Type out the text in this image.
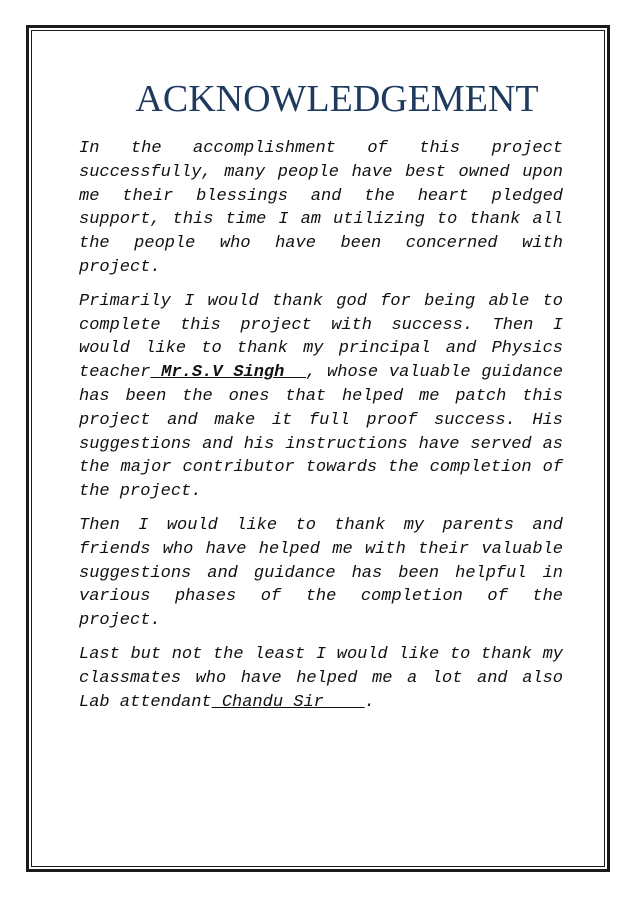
ACKNOWLEDGEMENT

In the accomplishment of this project successfully, many people have best owned upon me their blessings and the heart pledged support, this time I am utilizing to thank all the people who have been concerned with project.

Primarily I would thank god for being able to complete this project with success. Then I would like to thank my principal and Physics teacher Mr.S.V Singh  , whose valuable guidance has been the ones that helped me patch this project and make it full proof success. His suggestions and his instructions have served as the major contributor towards the completion of the project.

Then I would like to thank my parents and friends who have helped me with their valuable suggestions and guidance has been helpful in various phases of the completion of the project.

Last but not the least I would like to thank my classmates who have helped me a lot and also Lab attendant Chandu Sir    .
